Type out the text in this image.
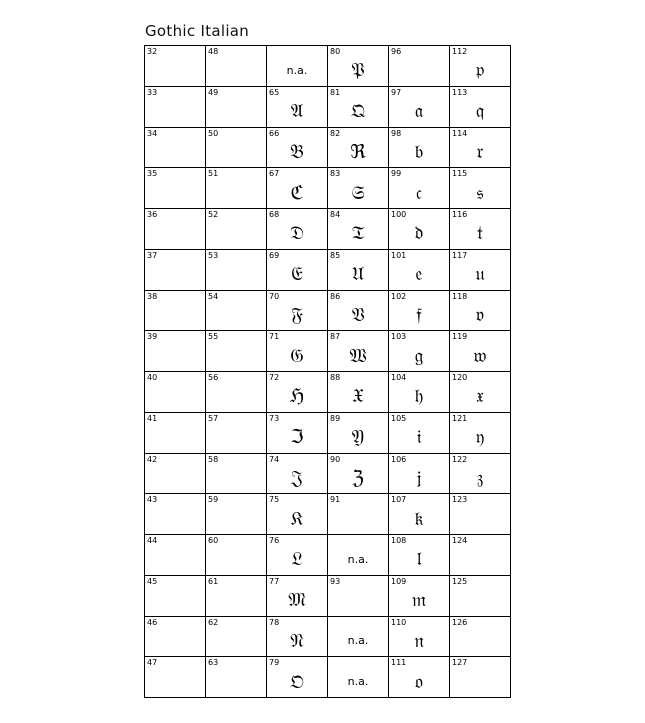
Gothic Italian
32
33
34
35
36
37
38
39
40
41
42
43
44
45
46
47
48
49
50
51
52
53
54
55
56
57
58
59
60
61
62
63
n.a.
65
𝔄
66
𝔅
67
ℭ
68
𝔇
69
𝔈
70
𝔉
71
𝔊
72
ℌ
73
ℑ
74
𝔍
75
𝔎
76
𝔏
77
𝔐
78
𝔑
79
𝔒
80
𝔓
81
𝔔
82
ℜ
83
𝔖
84
𝔗
85
𝔘
86
𝔙
87
𝔚
88
𝔛
89
𝔜
90
ℨ
91
n.a.
93
n.a.
n.a.
96
97
𝔞
98
𝔟
99
𝔠
100
𝔡
101
𝔢
102
𝔣
103
𝔤
104
𝔥
105
𝔦
106
𝔧
107
𝔨
108
𝔩
109
𝔪
110
𝔫
111
𝔬
112
𝔭
113
𝔮
114
𝔯
115
𝔰
116
𝔱
117
𝔲
118
𝔳
119
𝔴
120
𝔵
121
𝔶
122
𝔷
123
124
125
126
127
